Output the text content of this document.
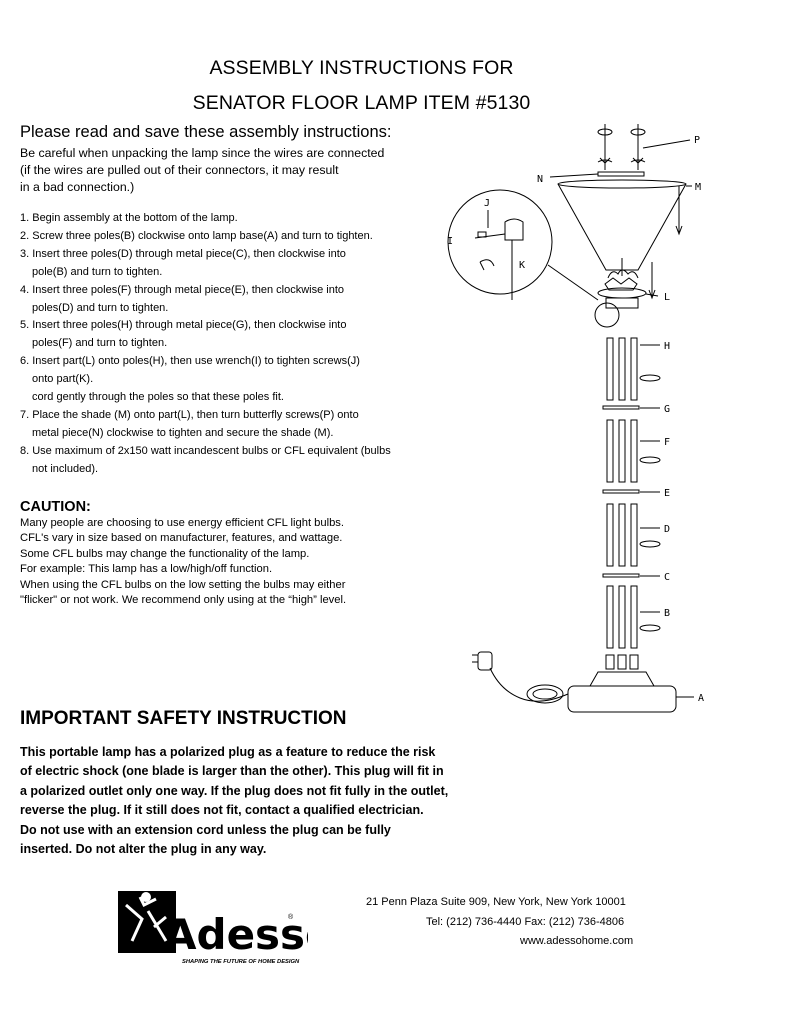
ASSEMBLY INSTRUCTIONS FOR
SENATOR FLOOR LAMP ITEM #5130
Please read and save these assembly instructions:
Be careful when unpacking the lamp since the wires are connected
(if the wires are pulled out of their connectors, it may result
in a bad connection.)
1. Begin assembly at the bottom of the lamp.
2. Screw three poles(B) clockwise onto lamp base(A) and turn to tighten.
3. Insert three poles(D) through metal piece(C), then clockwise into
pole(B) and turn to tighten.
4. Insert three poles(F) through metal piece(E), then clockwise into
poles(D) and turn to tighten.
5. Insert three poles(H) through metal piece(G), then clockwise into
poles(F) and turn to tighten.
6. Insert part(L) onto poles(H), then use wrench(I) to tighten screws(J)
onto part(K).
cord gently through the poles so that these poles fit.
7. Place the shade (M) onto part(L), then turn butterfly screws(P) onto
metal piece(N) clockwise to tighten and secure the shade (M).
8. Use maximum of 2x150 watt incandescent bulbs or CFL equivalent (bulbs
not included).
CAUTION:
Many people are choosing to use energy efficient CFL light bulbs.
CFL's vary in size based on manufacturer, features, and wattage.
Some CFL bulbs may change the functionality of the lamp.
For example: This lamp has a low/high/off function.
When using the CFL bulbs on the low setting the bulbs may either
"flicker" or not work. We recommend only using at the “high” level.
IMPORTANT SAFETY INSTRUCTION
This portable lamp has a polarized plug as a feature to reduce the risk
of electric shock (one blade is larger than the other). This plug will fit in
a polarized outlet only one way. If the plug does not fit fully in the outlet,
reverse the plug. If it still does not fit, contact a qualified electrician.
Do not use with an extension cord unless the plug can be fully
inserted. Do not alter the plug in any way.
P
N
M
J
I
K
L
H
G
F
E
D
C
B
A
Adess
®
SHAPING THE FUTURE OF HOME DESIGN
21 Penn Plaza Suite 909, New York, New York 10001
Tel: (212) 736-4440 Fax: (212) 736-4806
www.adessohome.com
